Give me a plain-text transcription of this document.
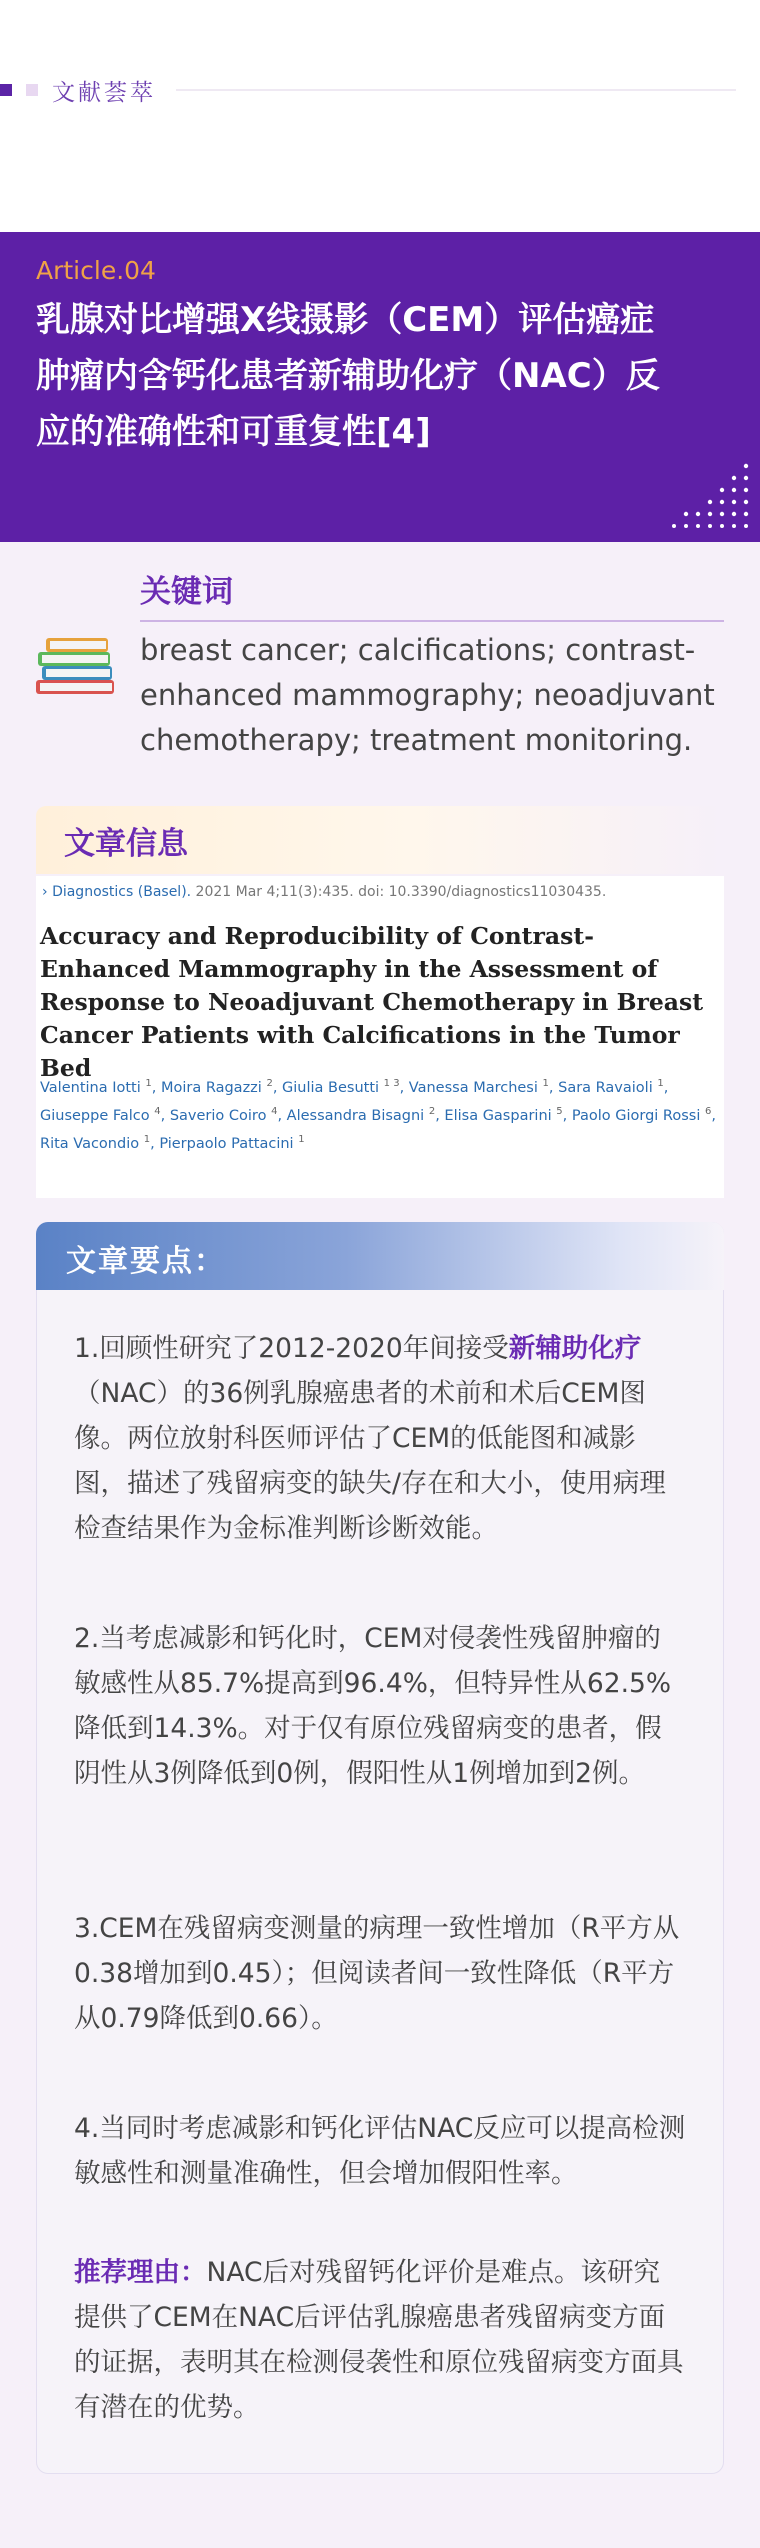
文献荟萃
Article.04
乳腺对比增强X线摄影（CEM）评估癌症肿瘤内含钙化患者新辅助化疗（NAC）反应的准确性和可重复性[4]
关键词
breast cancer; calcifications; contrast-enhanced mammography; neoadjuvant chemotherapy; treatment monitoring.
文章信息
› Diagnostics (Basel). 2021 Mar 4;11(3):435. doi: 10.3390/diagnostics11030435.
Accuracy and Reproducibility of Contrast-Enhanced Mammography in the Assessment of Response to Neoadjuvant Chemotherapy in Breast Cancer Patients with Calcifications in the Tumor Bed
Valentina Iotti $^1$, Moira Ragazzi $^2$, Giulia Besutti $^{1 3}$, Vanessa Marchesi $^1$, Sara Ravaioli $^1$, Giuseppe Falco $^4$, Saverio Coiro $^4$, Alessandra Bisagni $^2$, Elisa Gasparini $^5$, Paolo Giorgi Rossi $^6$, Rita Vacondio $^1$, Pierpaolo Pattacini $^1$
文章要点：
1.回顾性研究了2012-2020年间接受新辅助化疗（NAC）的36例乳腺癌患者的术前和术后CEM图像。两位放射科医师评估了CEM的低能图和减影图，描述了残留病变的缺失/存在和大小，使用病理检查结果作为金标准判断诊断效能。
2.当考虑减影和钙化时，CEM对侵袭性残留肿瘤的敏感性从85.7%提高到96.4%，但特异性从62.5%降低到14.3%。对于仅有原位残留病变的患者，假阴性从3例降低到0例，假阳性从1例增加到2例。
3.CEM在残留病变测量的病理一致性增加（R平方从0.38增加到0.45）；但阅读者间一致性降低（R平方从0.79降低到0.66）。
4.当同时考虑减影和钙化评估NAC反应可以提高检测敏感性和测量准确性，但会增加假阳性率。
推荐理由：NAC后对残留钙化评价是难点。该研究提供了CEM在NAC后评估乳腺癌患者残留病变方面的证据，表明其在检测侵袭性和原位残留病变方面具有潜在的优势。
